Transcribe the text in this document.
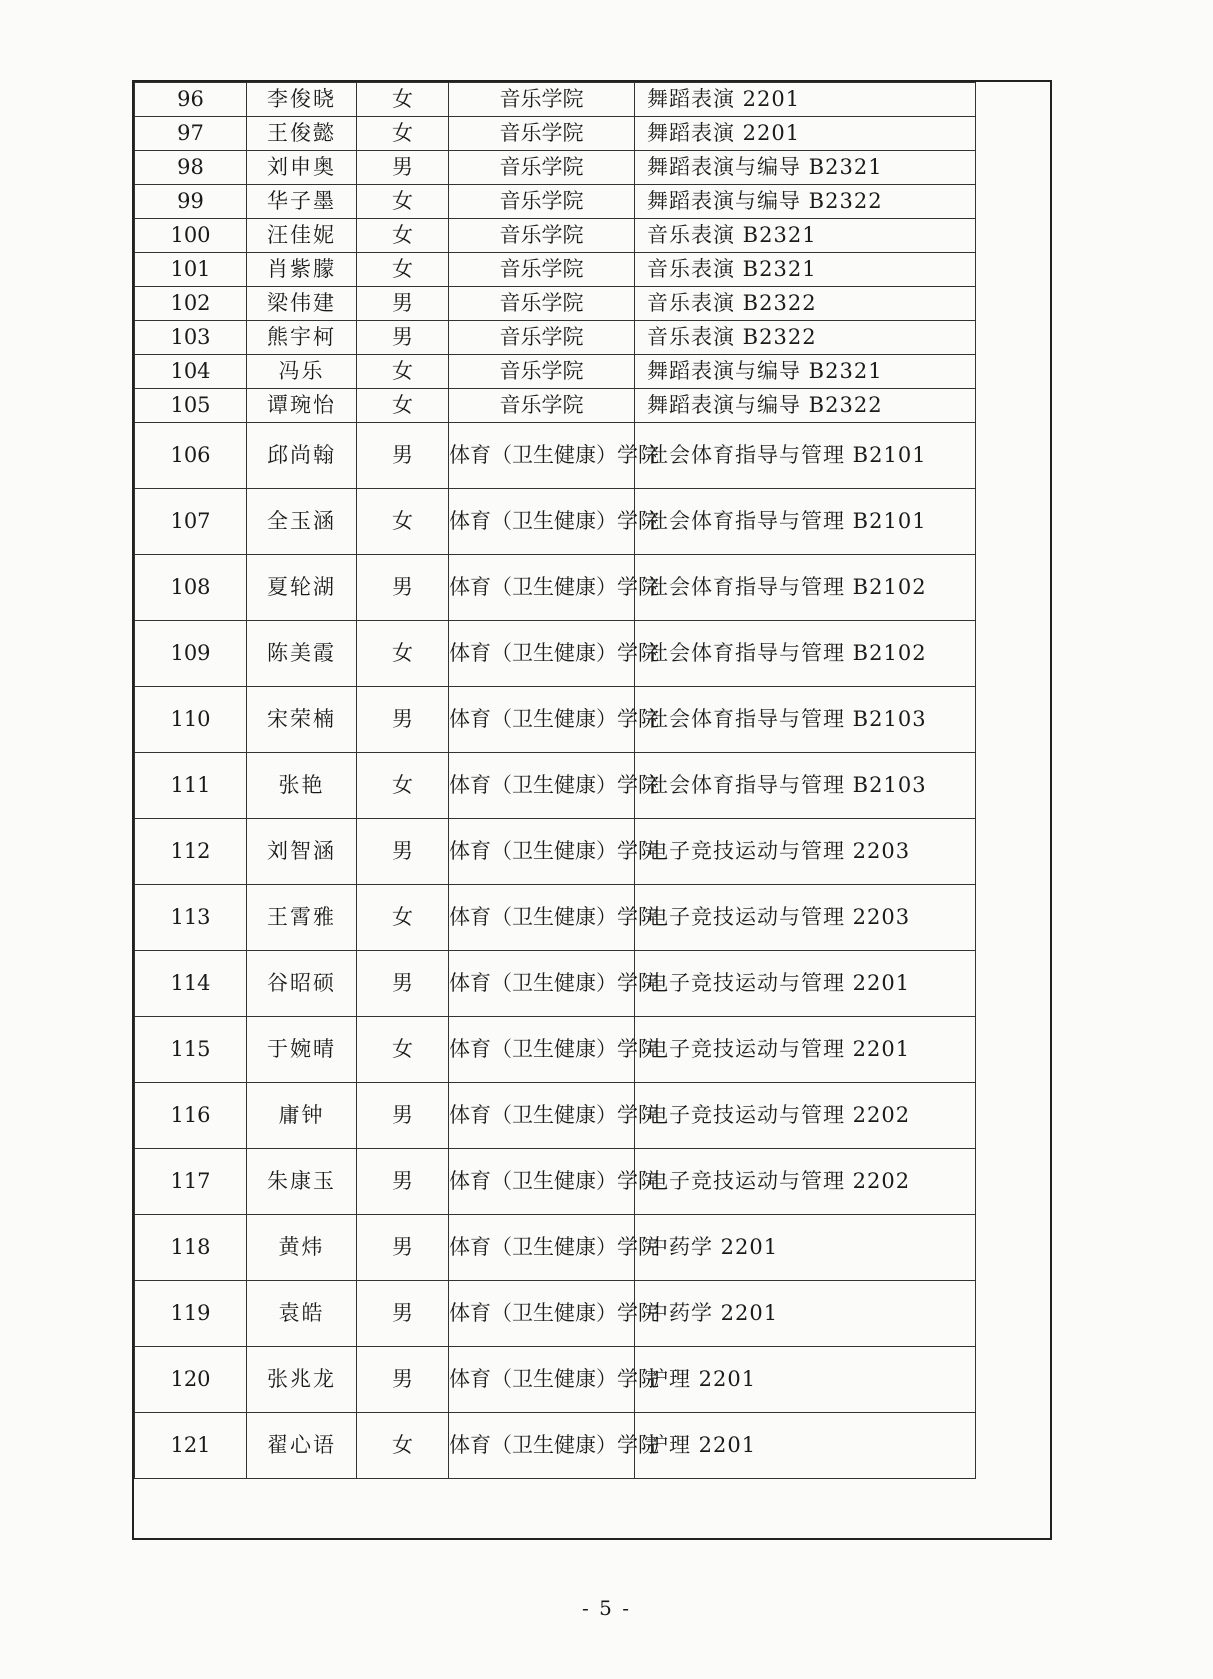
96	李俊晓	女	音乐学院	舞蹈表演 2201
97	王俊懿	女	音乐学院	舞蹈表演 2201
98	刘申奥	男	音乐学院	舞蹈表演与编导 B2321
99	华子墨	女	音乐学院	舞蹈表演与编导 B2322
100	汪佳妮	女	音乐学院	音乐表演 B2321
101	肖紫朦	女	音乐学院	音乐表演 B2321
102	梁伟建	男	音乐学院	音乐表演 B2322
103	熊宇柯	男	音乐学院	音乐表演 B2322
104	冯乐	女	音乐学院	舞蹈表演与编导 B2321
105	谭琬怡	女	音乐学院	舞蹈表演与编导 B2322
106	邱尚翰	男	体育（卫生健康）学院	社会体育指导与管理 B2101
107	全玉涵	女	体育（卫生健康）学院	社会体育指导与管理 B2101
108	夏轮湖	男	体育（卫生健康）学院	社会体育指导与管理 B2102
109	陈美霞	女	体育（卫生健康）学院	社会体育指导与管理 B2102
110	宋荣楠	男	体育（卫生健康）学院	社会体育指导与管理 B2103
111	张艳	女	体育（卫生健康）学院	社会体育指导与管理 B2103
112	刘智涵	男	体育（卫生健康）学院	电子竞技运动与管理 2203
113	王霄雅	女	体育（卫生健康）学院	电子竞技运动与管理 2203
114	谷昭硕	男	体育（卫生健康）学院	电子竞技运动与管理 2201
115	于婉晴	女	体育（卫生健康）学院	电子竞技运动与管理 2201
116	庸钟	男	体育（卫生健康）学院	电子竞技运动与管理 2202
117	朱康玉	男	体育（卫生健康）学院	电子竞技运动与管理 2202
118	黄炜	男	体育（卫生健康）学院	中药学 2201
119	袁皓	男	体育（卫生健康）学院	中药学 2201
120	张兆龙	男	体育（卫生健康）学院	护理 2201
121	翟心语	女	体育（卫生健康）学院	护理 2201
- 5 -
